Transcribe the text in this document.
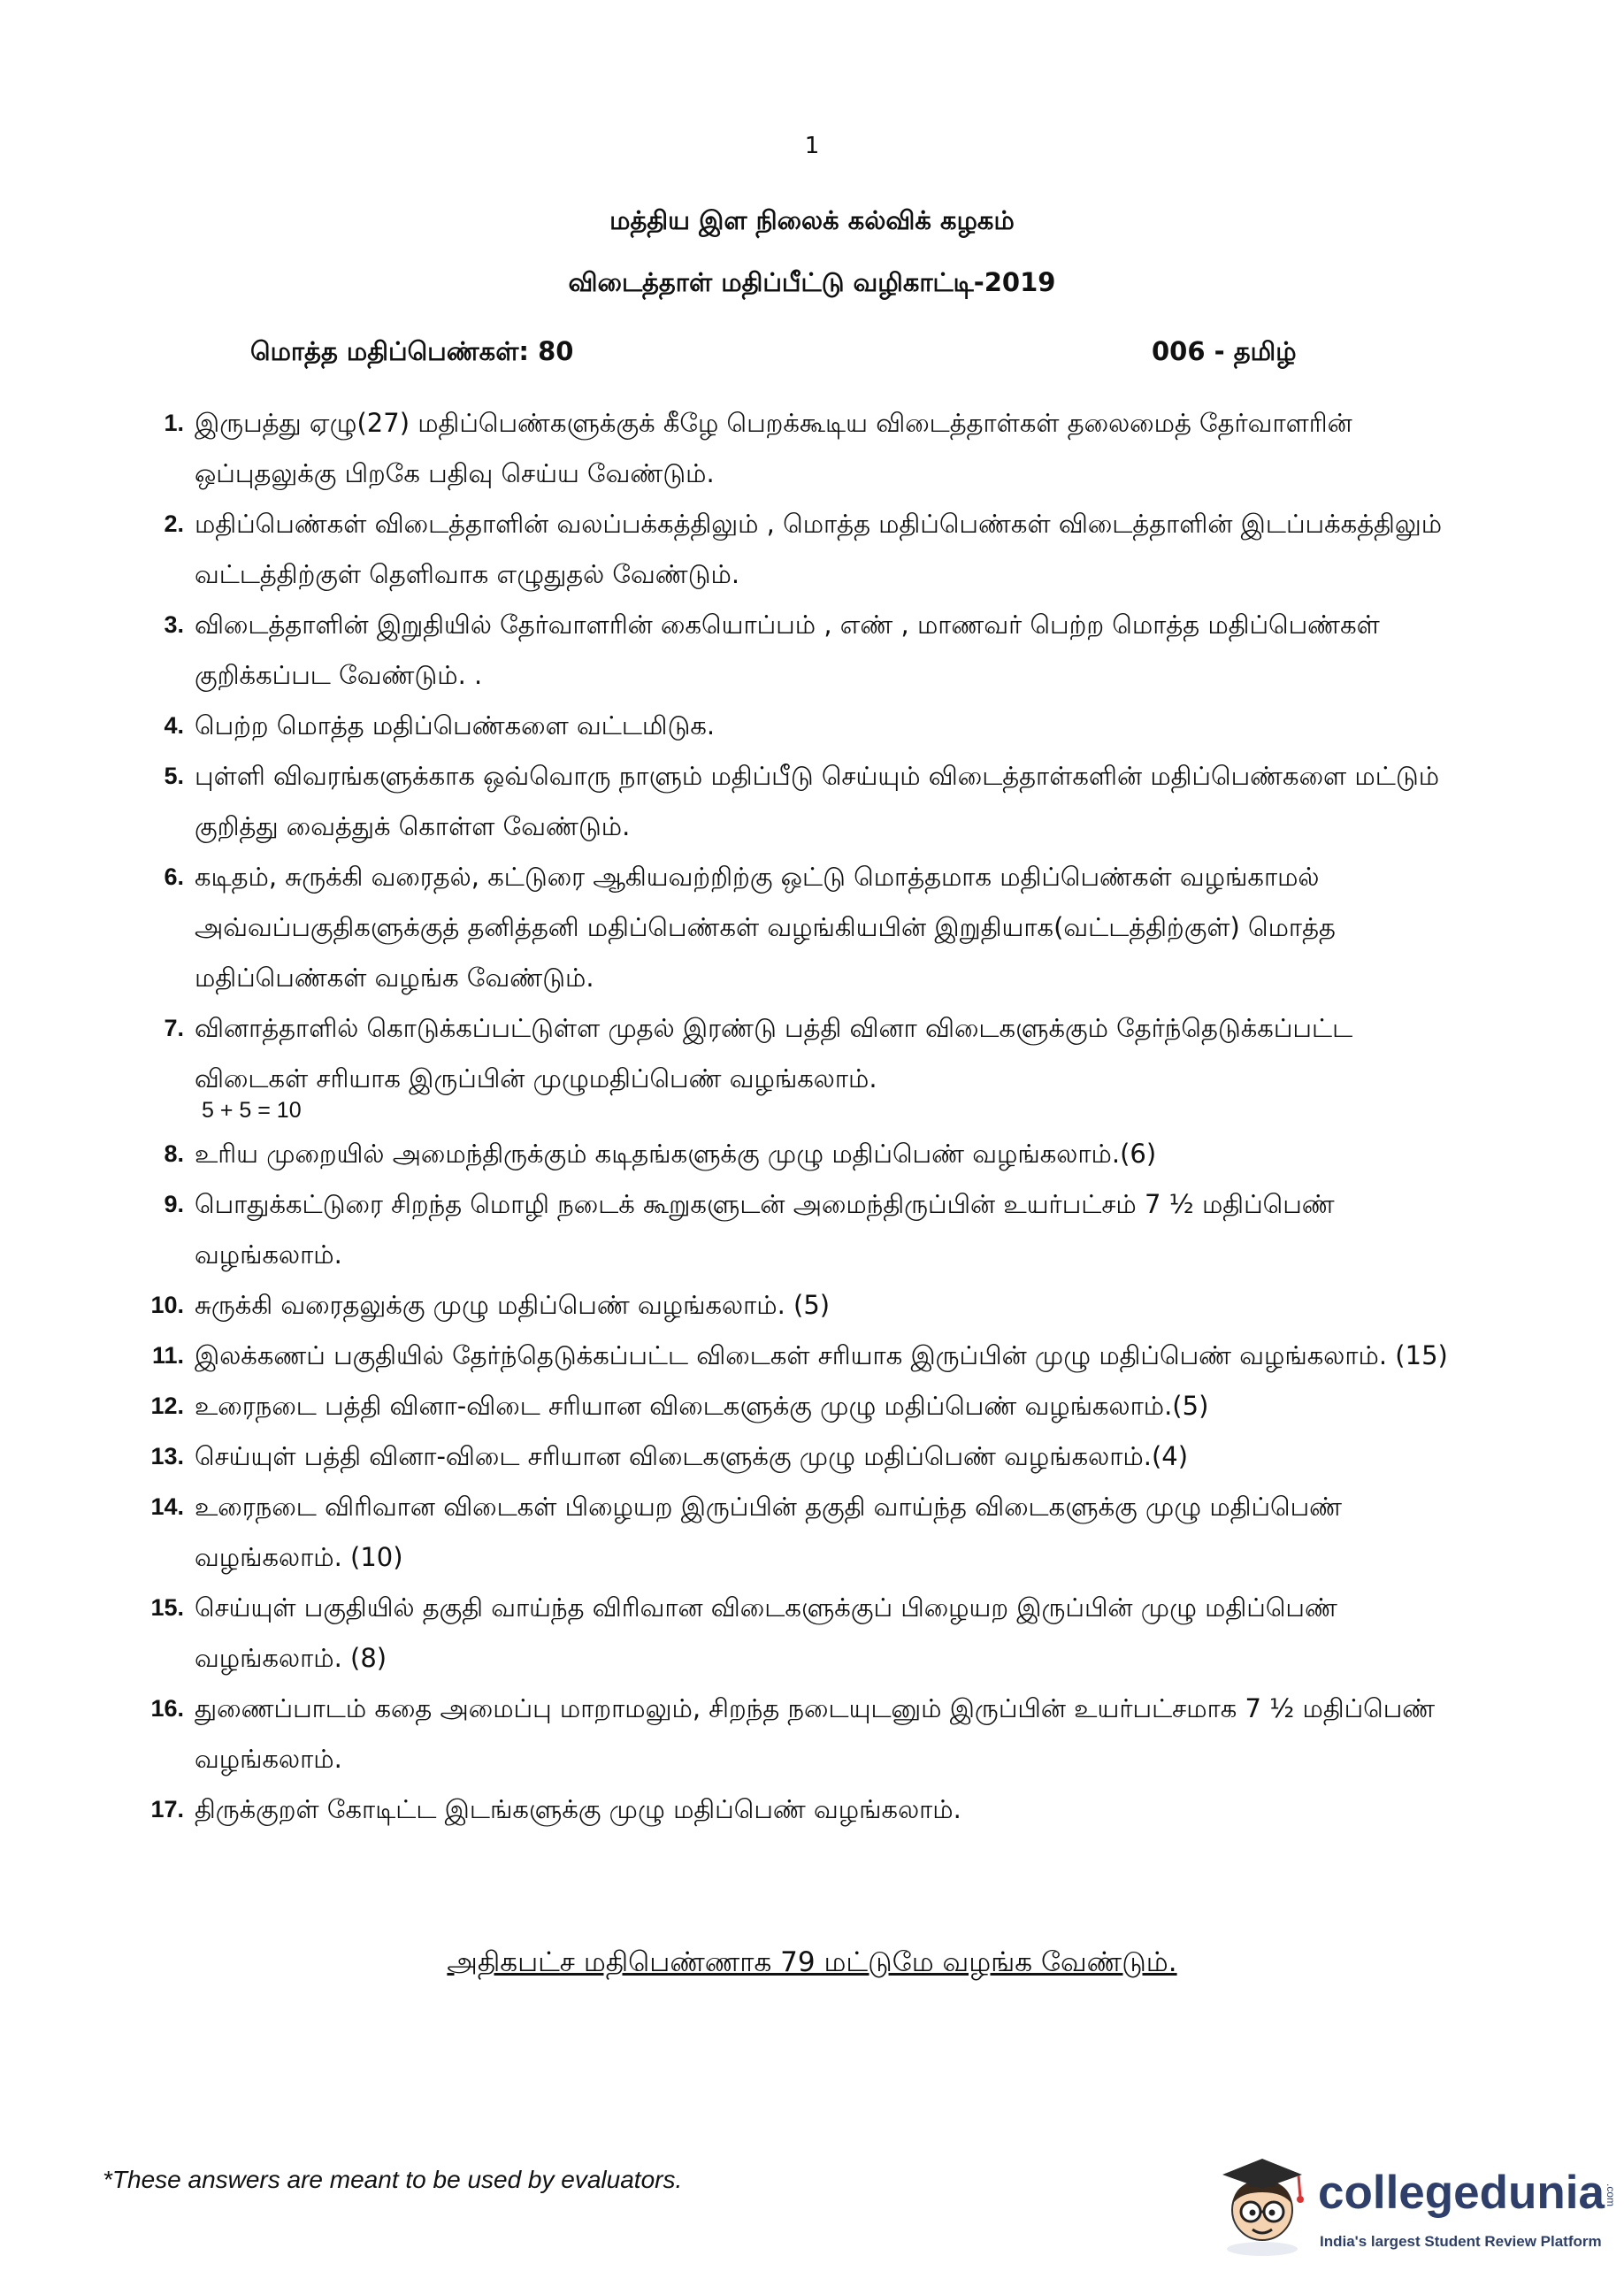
1
மத்திய இள நிலைக் கல்விக் கழகம்
விடைத்தாள் மதிப்பீட்டு வழிகாட்டி-2019
மொத்த மதிப்பெண்கள்: 80	006 - தமிழ்
1. இருபத்து ஏழு(27) மதிப்பெண்களுக்குக் கீழே பெறக்கூடிய விடைத்தாள்கள் தலைமைத் தேர்வாளரின் ஒப்புதலுக்கு பிறகே பதிவு செய்ய வேண்டும்.
2. மதிப்பெண்கள் விடைத்தாளின் வலப்பக்கத்திலும் , மொத்த மதிப்பெண்கள் விடைத்தாளின் இடப்பக்கத்திலும் வட்டத்திற்குள் தெளிவாக எழுதுதல் வேண்டும்.
3. விடைத்தாளின் இறுதியில் தேர்வாளரின் கையொப்பம் , எண் , மாணவர் பெற்ற மொத்த மதிப்பெண்கள் குறிக்கப்பட வேண்டும். .
4. பெற்ற மொத்த மதிப்பெண்களை வட்டமிடுக.
5. புள்ளி விவரங்களுக்காக ஒவ்வொரு நாளும் மதிப்பீடு செய்யும் விடைத்தாள்களின் மதிப்பெண்களை மட்டும் குறித்து வைத்துக் கொள்ள வேண்டும்.
6. கடிதம், சுருக்கி வரைதல், கட்டுரை ஆகியவற்றிற்கு ஒட்டு மொத்தமாக மதிப்பெண்கள் வழங்காமல் அவ்வப்பகுதிகளுக்குத் தனித்தனி மதிப்பெண்கள் வழங்கியபின் இறுதியாக(வட்டத்திற்குள்) மொத்த மதிப்பெண்கள் வழங்க வேண்டும்.
7. வினாத்தாளில் கொடுக்கப்பட்டுள்ள முதல் இரண்டு பத்தி வினா விடைகளுக்கும் தேர்ந்தெடுக்கப்பட்ட விடைகள் சரியாக இருப்பின் முழுமதிப்பெண் வழங்கலாம்.
5 + 5 = 10
8. உரிய முறையில் அமைந்திருக்கும் கடிதங்களுக்கு முழு மதிப்பெண் வழங்கலாம்.(6)
9. பொதுக்கட்டுரை சிறந்த மொழி நடைக் கூறுகளுடன் அமைந்திருப்பின் உயர்பட்சம் 7 ½ மதிப்பெண் வழங்கலாம்.
10. சுருக்கி வரைதலுக்கு முழு மதிப்பெண் வழங்கலாம். (5)
11. இலக்கணப் பகுதியில் தேர்ந்தெடுக்கப்பட்ட விடைகள் சரியாக இருப்பின் முழு மதிப்பெண் வழங்கலாம். (15)
12. உரைநடை பத்தி வினா-விடை சரியான விடைகளுக்கு முழு மதிப்பெண் வழங்கலாம்.(5)
13. செய்யுள் பத்தி வினா-விடை சரியான விடைகளுக்கு முழு மதிப்பெண் வழங்கலாம்.(4)
14. உரைநடை விரிவான விடைகள் பிழையற இருப்பின் தகுதி வாய்ந்த விடைகளுக்கு முழு மதிப்பெண் வழங்கலாம். (10)
15. செய்யுள் பகுதியில் தகுதி வாய்ந்த விரிவான விடைகளுக்குப் பிழையற இருப்பின் முழு மதிப்பெண் வழங்கலாம். (8)
16. துணைப்பாடம் கதை அமைப்பு மாறாமலும், சிறந்த நடையுடனும் இருப்பின் உயர்பட்சமாக 7 ½ மதிப்பெண் வழங்கலாம்.
17. திருக்குறள் கோடிட்ட இடங்களுக்கு முழு மதிப்பெண் வழங்கலாம்.
அதிகபட்ச மதிபெண்ணாக 79 மட்டுமே வழங்க வேண்டும்.
*These answers are meant to be used by evaluators.	collegedunia .com
India's largest Student Review Platform
